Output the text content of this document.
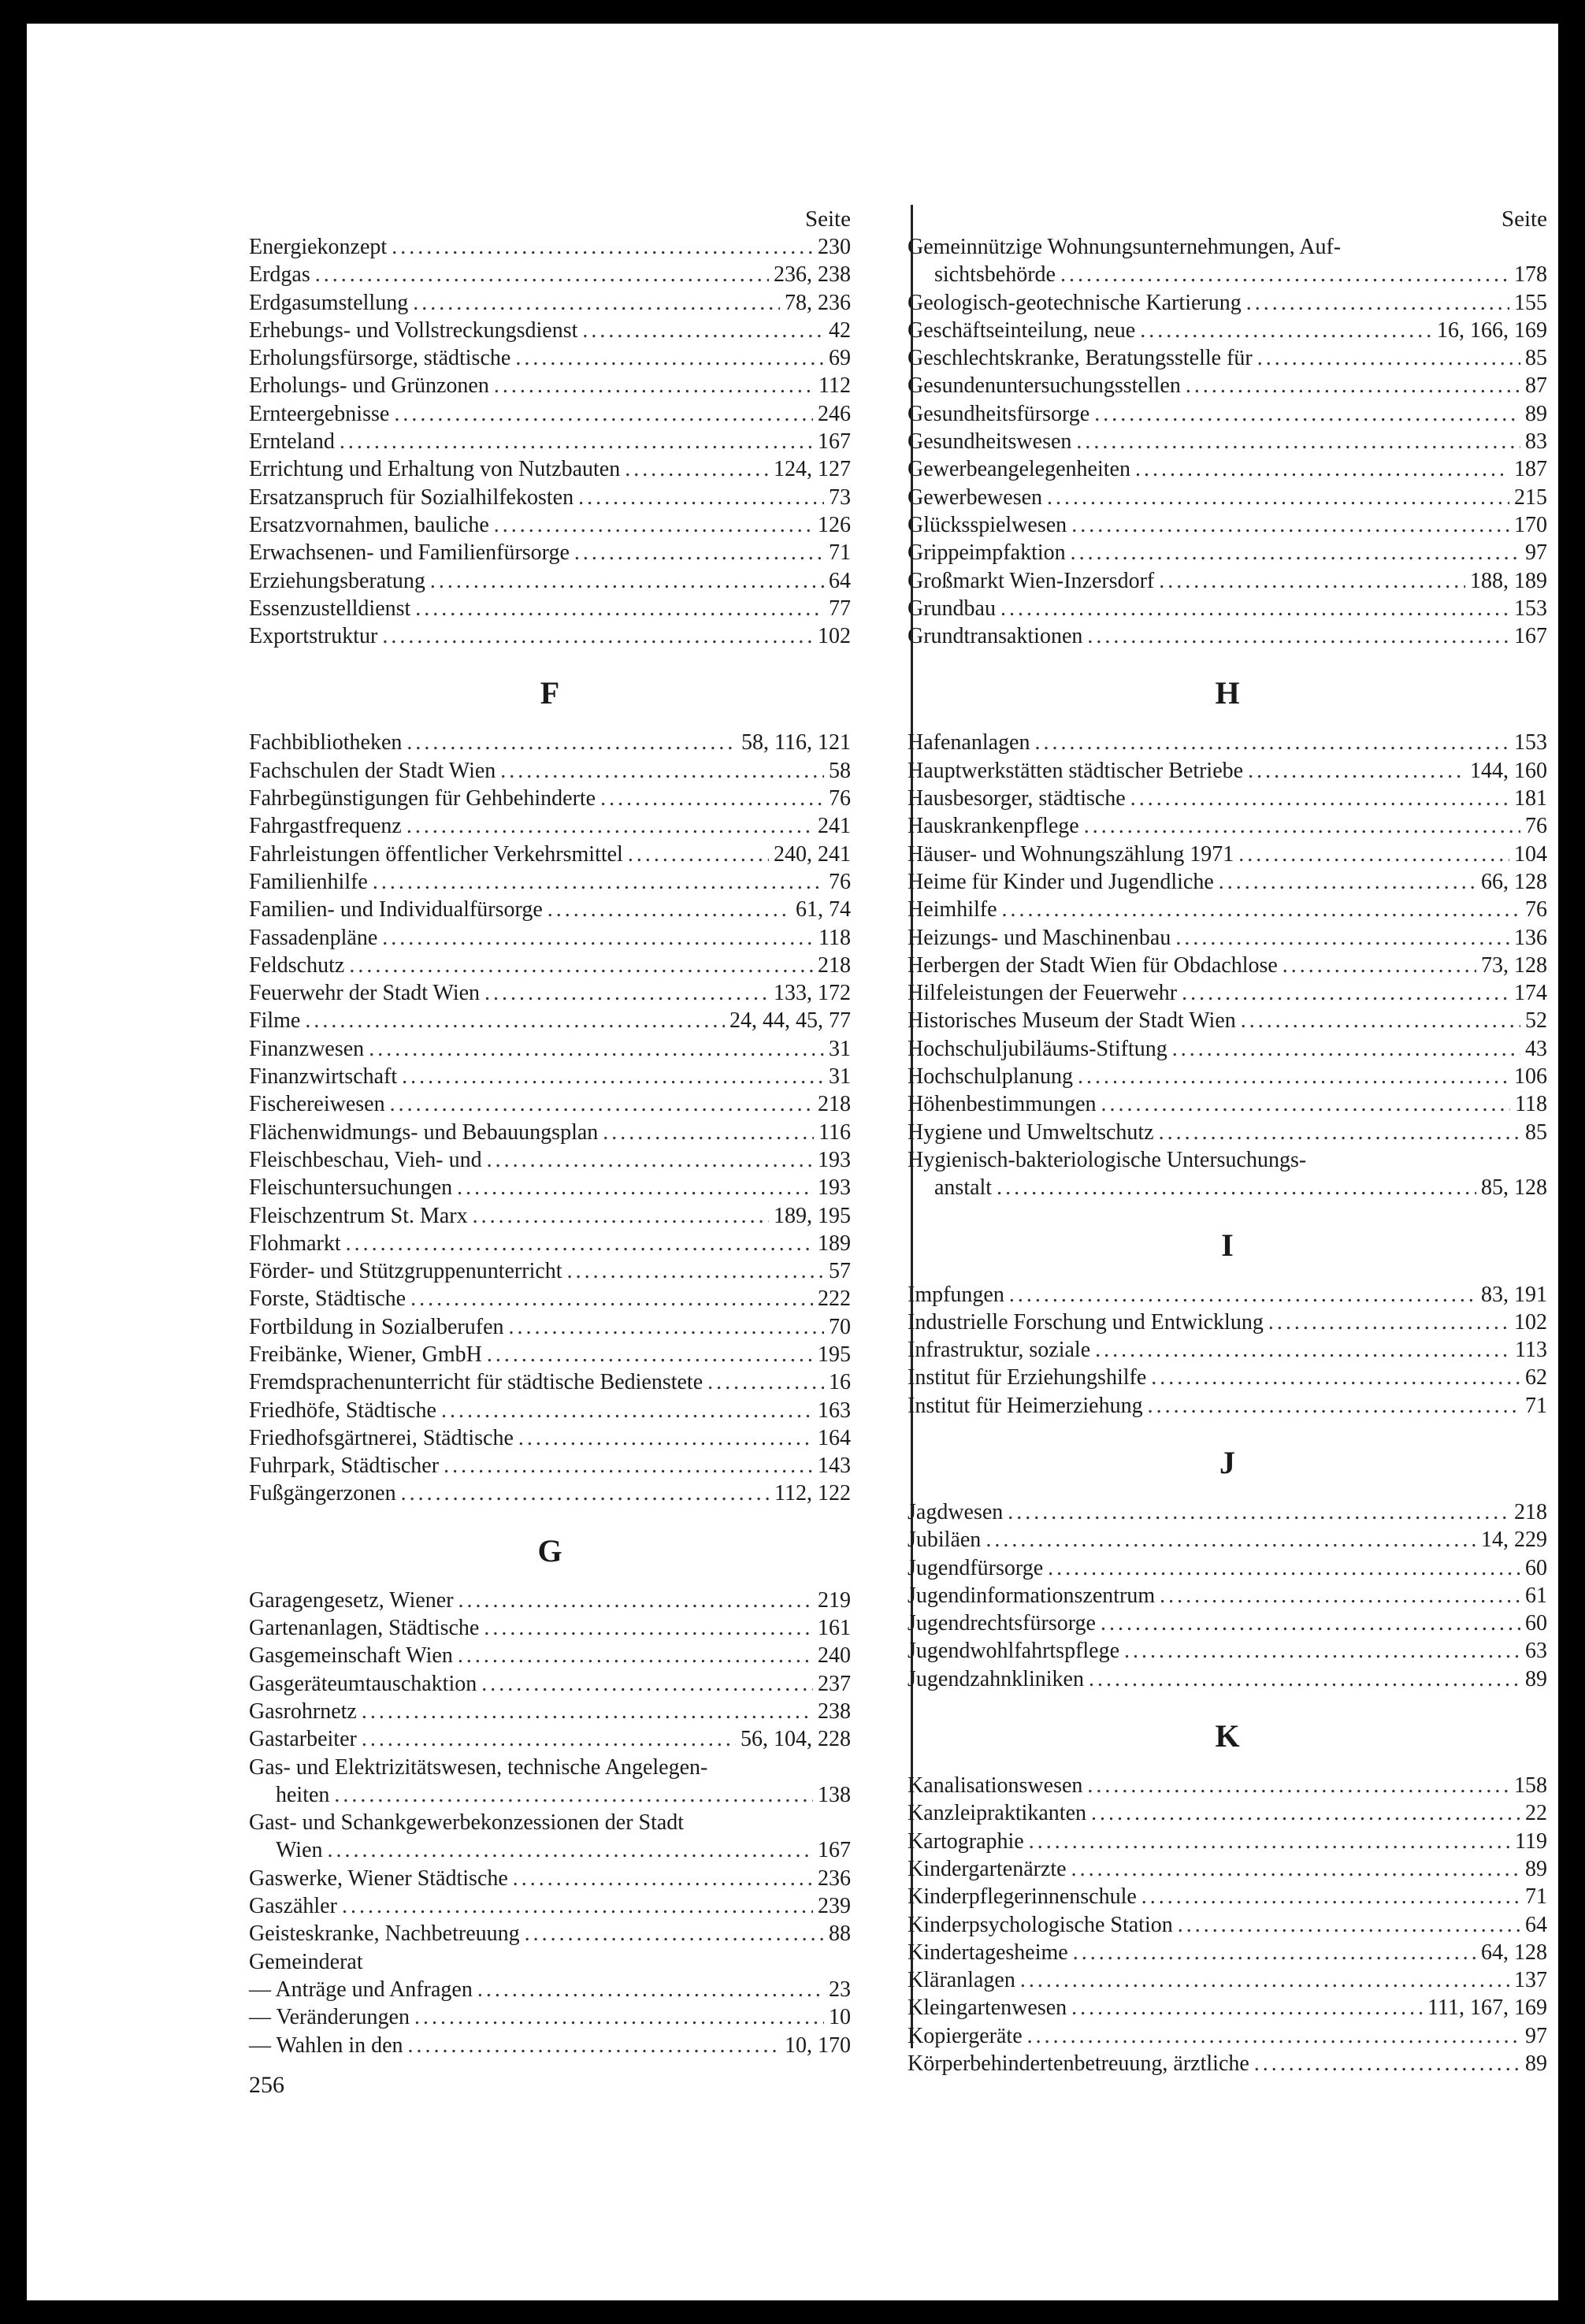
Seite
Energiekonzept .....	230
Erdgas .....	236, 238
Erdgasumstellung .....	78, 236
Erhebungs- und Vollstreckungsdienst .....	42
Erholungsfürsorge, städtische .....	69
Erholungs- und Grünzonen .....	112
Ernteergebnisse .....	246
Ernteland .....	167
Errichtung und Erhaltung von Nutzbauten .....	124, 127
Ersatzanspruch für Sozialhilfekosten .....	73
Ersatzvornahmen, bauliche .....	126
Erwachsenen- und Familienfürsorge .....	71
Erziehungsberatung .....	64
Essenzustelldienst .....	77
Exportstruktur .....	102
F
Fachbibliotheken .....	58, 116, 121
Fachschulen der Stadt Wien .....	58
Fahrbegünstigungen für Gehbehinderte .....	76
Fahrgastfrequenz .....	241
Fahrleistungen öffentlicher Verkehrsmittel .....	240, 241
Familienhilfe .....	76
Familien- und Individualfürsorge .....	61, 74
Fassadenpläne .....	118
Feldschutz .....	218
Feuerwehr der Stadt Wien .....	133, 172
Filme .....	24, 44, 45, 77
Finanzwesen .....	31
Finanzwirtschaft .....	31
Fischereiwesen .....	218
Flächenwidmungs- und Bebauungsplan .....	116
Fleischbeschau, Vieh- und .....	193
Fleischuntersuchungen .....	193
Fleischzentrum St. Marx .....	189, 195
Flohmarkt .....	189
Förder- und Stützgruppenunterricht .....	57
Forste, Städtische .....	222
Fortbildung in Sozialberufen .....	70
Freibänke, Wiener, GmbH .....	195
Fremdsprachenunterricht für städtische Bedienstete .....	16
Friedhöfe, Städtische .....	163
Friedhofsgärtnerei, Städtische .....	164
Fuhrpark, Städtischer .....	143
Fußgängerzonen .....	112, 122
G
Garagengesetz, Wiener .....	219
Gartenanlagen, Städtische .....	161
Gasgemeinschaft Wien .....	240
Gasgeräteumtauschaktion .....	237
Gasrohrnetz .....	238
Gastarbeiter .....	56, 104, 228
Gas- und Elektrizitätswesen, technische Angelegen-
heiten .....	138
Gast- und Schankgewerbekonzessionen der Stadt
Wien .....	167
Gaswerke, Wiener Städtische .....	236
Gaszähler .....	239
Geisteskranke, Nachbetreuung .....	88
Gemeinderat
— Anträge und Anfragen .....	23
— Veränderungen .....	10
— Wahlen in den .....	10, 170
Seite
Gemeinnützige Wohnungsunternehmungen, Auf-
sichtsbehörde .....	178
Geologisch-geotechnische Kartierung .....	155
Geschäftseinteilung, neue .....	16, 166, 169
Geschlechtskranke, Beratungsstelle für .....	85
Gesundenuntersuchungsstellen .....	87
Gesundheitsfürsorge .....	89
Gesundheitswesen .....	83
Gewerbeangelegenheiten .....	187
Gewerbewesen .....	215
Glücksspielwesen .....	170
Grippeimpfaktion .....	97
Großmarkt Wien-Inzersdorf .....	188, 189
Grundbau .....	153
Grundtransaktionen .....	167
H
Hafenanlagen .....	153
Hauptwerkstätten städtischer Betriebe .....	144, 160
Hausbesorger, städtische .....	181
Hauskrankenpflege .....	76
Häuser- und Wohnungszählung 1971 .....	104
Heime für Kinder und Jugendliche .....	66, 128
Heimhilfe .....	76
Heizungs- und Maschinenbau .....	136
Herbergen der Stadt Wien für Obdachlose .....	73, 128
Hilfeleistungen der Feuerwehr .....	174
Historisches Museum der Stadt Wien .....	52
Hochschuljubiläums-Stiftung .....	43
Hochschulplanung .....	106
Höhenbestimmungen .....	118
Hygiene und Umweltschutz .....	85
Hygienisch-bakteriologische Untersuchungs-
anstalt .....	85, 128
I
Impfungen .....	83, 191
Industrielle Forschung und Entwicklung .....	102
Infrastruktur, soziale .....	113
Institut für Erziehungshilfe .....	62
Institut für Heimerziehung .....	71
J
Jagdwesen .....	218
Jubiläen .....	14, 229
Jugendfürsorge .....	60
Jugendinformationszentrum .....	61
Jugendrechtsfürsorge .....	60
Jugendwohlfahrtspflege .....	63
Jugendzahnkliniken .....	89
K
Kanalisationswesen .....	158
Kanzleipraktikanten .....	22
Kartographie .....	119
Kindergartenärzte .....	89
Kinderpflegerinnenschule .....	71
Kinderpsychologische Station .....	64
Kindertagesheime .....	64, 128
Kläranlagen .....	137
Kleingartenwesen .....	111, 167, 169
Kopiergeräte .....	97
Körperbehindertenbetreuung, ärztliche .....	89
256
